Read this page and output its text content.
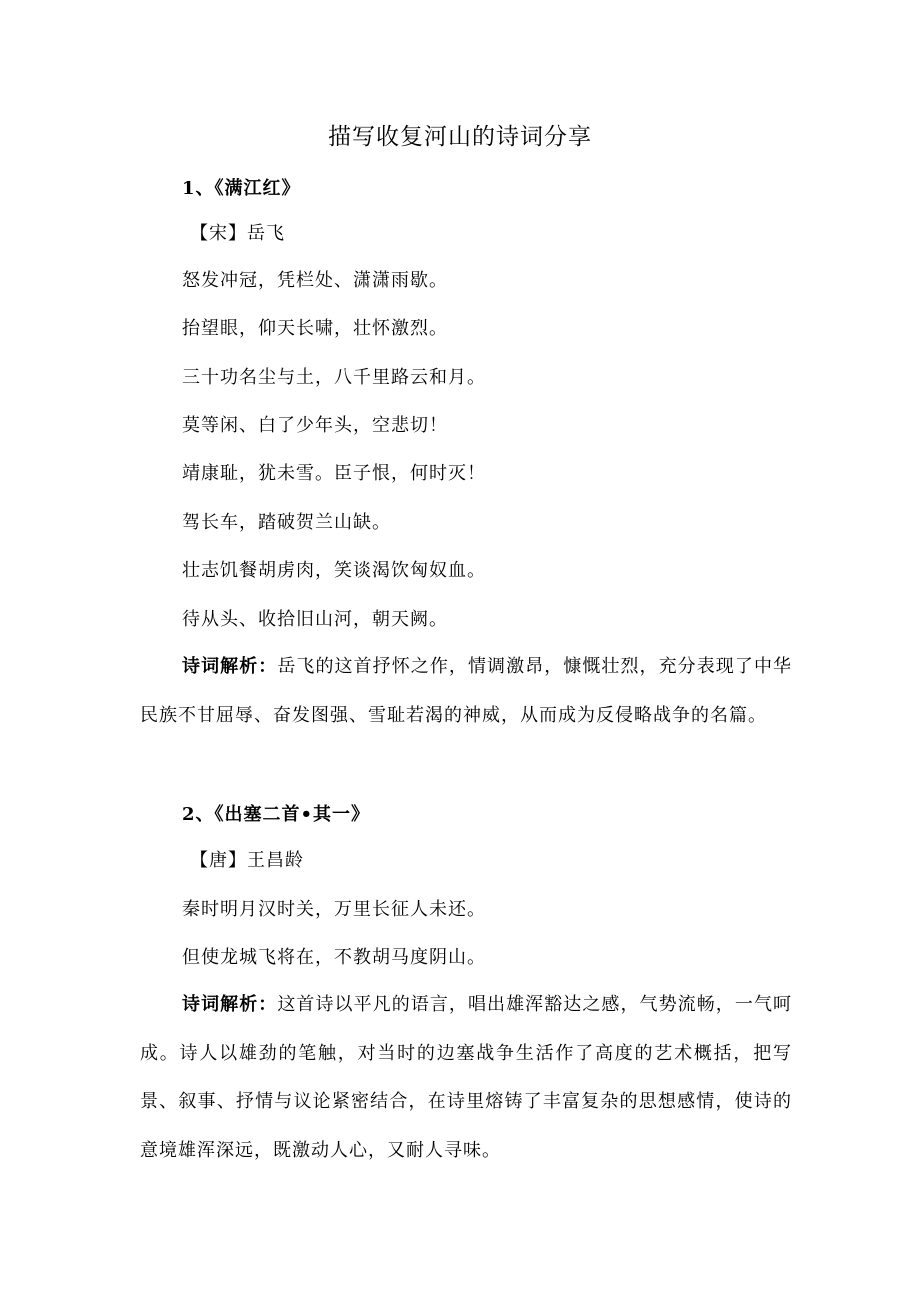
描写收复河山的诗词分享
1、《满江红》
【宋】岳飞
怒发冲冠，凭栏处、潇潇雨歇。
抬望眼，仰天长啸，壮怀激烈。
三十功名尘与土，八千里路云和月。
莫等闲、白了少年头，空悲切！
靖康耻，犹未雪。臣子恨，何时灭！
驾长车，踏破贺兰山缺。
壮志饥餐胡虏肉，笑谈渴饮匈奴血。
待从头、收拾旧山河，朝天阙。
诗词解析：岳飞的这首抒怀之作，情调激昂，慷慨壮烈，充分表现了中华民族不甘屈辱、奋发图强、雪耻若渴的神威，从而成为反侵略战争的名篇。
2、《出塞二首•其一》
【唐】王昌龄
秦时明月汉时关，万里长征人未还。
但使龙城飞将在，不教胡马度阴山。
诗词解析：这首诗以平凡的语言，唱出雄浑豁达之感，气势流畅，一气呵成。诗人以雄劲的笔触，对当时的边塞战争生活作了高度的艺术概括，把写景、叙事、抒情与议论紧密结合，在诗里熔铸了丰富复杂的思想感情，使诗的意境雄浑深远，既激动人心，又耐人寻味。
